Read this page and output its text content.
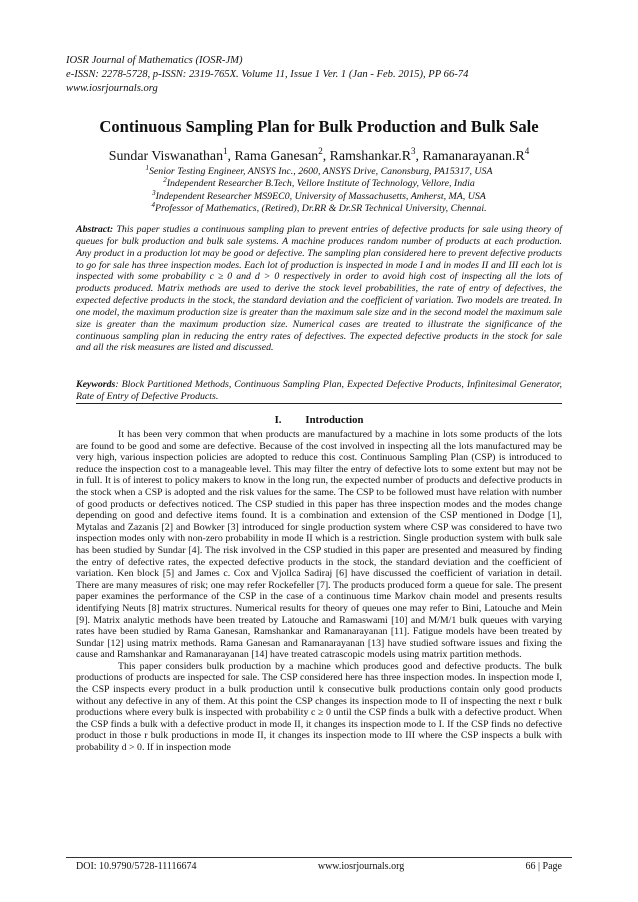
IOSR Journal of Mathematics (IOSR-JM)
e-ISSN: 2278-5728, p-ISSN: 2319-765X. Volume 11, Issue 1 Ver. 1 (Jan - Feb. 2015), PP 66-74
www.iosrjournals.org
Continuous Sampling Plan for Bulk Production and Bulk Sale
Sundar Viswanathan$^1$, Rama Ganesan$^2$, $Ramshankar.R^3$, $Ramanarayanan.R^4$
$^1$Senior Testing Engineer, ANSYS Inc., 2600, ANSYS Drive, Canonsburg, PA15317, USA
$^2$Independent Researcher B.Tech, Vellore Institute of Technology, Vellore, India
$^3$Independent Researcher MS9EC0, University of Massachusetts, Amherst, MA, USA
$^4$Professor of Mathematics, (Retired), Dr.RR & Dr.SR Technical University, Chennai.
Abstract: This paper studies a continuous sampling plan to prevent entries of defective products for sale using theory of queues for bulk production and bulk sale systems. A machine produces random number of products at each production. Any product in a production lot may be good or defective. The sampling plan considered here to prevent defective products to go for sale has three inspection modes. Each lot of production is inspected in mode I and in modes II and III each lot is inspected with some probability c ≥ 0 and d > 0 respectively in order to avoid high cost of inspecting all the lots of products produced. Matrix methods are used to derive the stock level probabilities, the rate of entry of defectives, the expected defective products in the stock, the standard deviation and the coefficient of variation. Two models are treated. In one model, the maximum production size is greater than the maximum sale size and in the second model the maximum sale size is greater than the maximum production size. Numerical cases are treated to illustrate the significance of the continuous sampling plan in reducing the entry rates of defectives. The expected defective products in the stock for sale and all the risk measures are listed and discussed.
Keywords: Block Partitioned Methods, Continuous Sampling Plan, Expected Defective Products, Infinitesimal Generator, Rate of Entry of Defective Products.
I. Introduction

It has been very common that when products are manufactured by a machine in lots some products of the lots are found to be good and some are defective. Because of the cost involved in inspecting all the lots manufactured may be very high, various inspection policies are adopted to reduce this cost. Continuous Sampling Plan (CSP) is introduced to reduce the inspection cost to a manageable level. This may filter the entry of defective lots to some extent but may not be in full. It is of interest to policy makers to know in the long run, the expected number of products and defective products in the stock when a CSP is adopted and the risk values for the same. The CSP to be followed must have relation with number of good products or defectives noticed. The CSP studied in this paper has three inspection modes and the modes change depending on good and defective items found. It is a combination and extension of the CSP mentioned in Dodge [1], Mytalas and Zazanis [2] and Bowker [3] introduced for single production system where CSP was considered to have two inspection modes only with non-zero probability in mode II which is a restriction. Single production system with bulk sale has been studied by Sundar [4]. The risk involved in the CSP studied in this paper are presented and measured by finding the entry of defective rates, the expected defective products in the stock, the standard deviation and the coefficient of variation. Ken block [5] and James c. Cox and Vjollca Sadiraj [6] have discussed the coefficient of variation in detail. There are many measures of risk; one may refer Rockefeller [7]. The products produced form a queue for sale. The present paper examines the performance of the CSP in the case of a continuous time Markov chain model and presents results identifying Neuts [8] matrix structures. Numerical results for theory of queues one may refer to Bini, Latouche and Mein [9]. Matrix analytic methods have been treated by Latouche and Ramaswami [10] and M/M/1 bulk queues with varying rates have been studied by Rama Ganesan, Ramshankar and Ramanarayanan [11]. Fatigue models have been treated by Sundar [12] using matrix methods. Rama Ganesan and Ramanarayanan [13] have studied software issues and fixing the cause and Ramshankar and Ramanarayanan [14] have treated catrascopic models using matrix partition methods.

This paper considers bulk production by a machine which produces good and defective products. The bulk productions of products are inspected for sale. The CSP considered here has three inspection modes. In inspection mode I, the CSP inspects every product in a bulk production until k consecutive bulk productions contain only good products without any defective in any of them. At this point the CSP changes its inspection mode to II of inspecting the next r bulk productions where every bulk is inspected with probability c ≥ 0 until the CSP finds a bulk with a defective product. When the CSP finds a bulk with a defective product in mode II, it changes its inspection mode to I. If the CSP finds no defective product in those r bulk productions in mode II, it changes its inspection mode to III where the CSP inspects a bulk with probability d > 0. If in inspection mode

DOI: 10.9790/5728-11116674	www.iosrjournals.org	66 | Page
